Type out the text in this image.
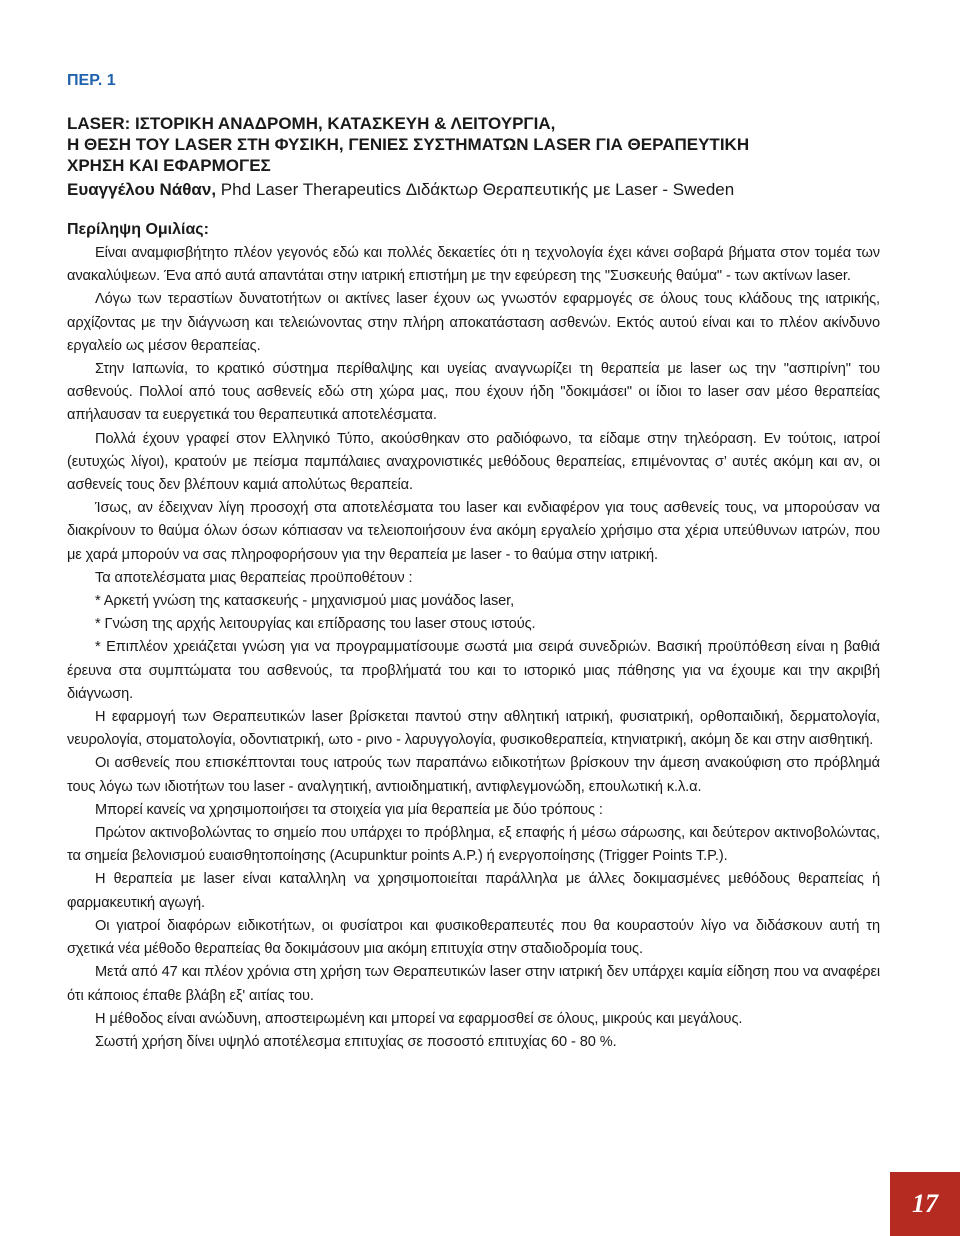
ΠΕΡ. 1
LASER: ΙΣΤΟΡΙΚΗ ΑΝΑΔΡΟΜΗ, ΚΑΤΑΣΚΕΥΗ & ΛΕΙΤΟΥΡΓΙΑ,
Η ΘΕΣΗ ΤΟΥ LASER ΣΤΗ ΦΥΣΙΚΗ, ΓΕΝΙΕΣ ΣΥΣΤΗΜΑΤΩΝ LASER ΓΙΑ ΘΕΡΑΠΕΥΤΙΚΗ
ΧΡΗΣΗ ΚΑΙ ΕΦΑΡΜΟΓΕΣ
Ευαγγέλου Νάθαν, Phd Laser Therapeutics Διδάκτωρ Θεραπευτικής με Laser - Sweden
Περίληψη Ομιλίας:

Είναι αναμφισβήτητο πλέον γεγονός εδώ και πολλές δεκαετίες ότι η τεχνολογία έχει κάνει σοβαρά βήματα στον τομέα των ανακαλύψεων. Ένα από αυτά απαντάται στην ιατρική επιστήμη με την εφεύρεση της "Συσκευής θαύμα" - των ακτίνων laser.

Λόγω των τεραστίων δυνατοτήτων οι ακτίνες laser έχουν ως γνωστόν εφαρμογές σε όλους τους κλάδους της ιατρικής, αρχίζοντας με την διάγνωση και τελειώνοντας στην πλήρη αποκατάσταση ασθενών. Εκτός αυτού είναι και το πλέον ακίνδυνο εργαλείο ως μέσον θεραπείας.

Στην Ιαπωνία, το κρατικό σύστημα περίθαλψης και υγείας αναγνωρίζει τη θεραπεία με laser ως την "ασπιρίνη" του ασθενούς. Πολλοί από τους ασθενείς εδώ στη χώρα μας, που έχουν ήδη "δοκιμάσει" οι ίδιοι το laser σαν μέσο θεραπείας απήλαυσαν τα ευεργετικά του θεραπευτικά αποτελέσματα.

Πολλά έχουν γραφεί στον Ελληνικό Τύπο, ακούσθηκαν στο ραδιόφωνο, τα είδαμε στην τηλεόραση. Εν τούτοις, ιατροί (ευτυχώς λίγοι), κρατούν με πείσμα παμπάλαιες αναχρονιστικές μεθόδους θεραπείας, επιμένοντας σ’ αυτές ακόμη και αν, οι ασθενείς τους δεν βλέπουν καμιά απολύτως θεραπεία.

Ίσως, αν έδειχναν λίγη προσοχή στα αποτελέσματα του laser και ενδιαφέρον για τους ασθενείς τους, να μπορούσαν να διακρίνουν το θαύμα όλων όσων κόπιασαν να τελειοποιήσουν ένα ακόμη εργαλείο χρήσιμο στα χέρια υπεύθυνων ιατρών, που με χαρά μπορούν να σας πληροφορήσουν για την θεραπεία με laser - το θαύμα στην ιατρική.

Τα αποτελέσματα μιας θεραπείας προϋποθέτουν :

* Αρκετή γνώση της κατασκευής - μηχανισμού μιας μονάδος laser,

* Γνώση της αρχής λειτουργίας και επίδρασης του laser στους ιστούς.

* Επιπλέον χρειάζεται γνώση για να προγραμματίσουμε σωστά μια σειρά συνεδριών. Βασική προϋπόθεση είναι η βαθιά έρευνα στα συμπτώματα του ασθενούς, τα προβλήματά του και το ιστορικό μιας πάθησης για να έχουμε και την ακριβή διάγνωση.

Η εφαρμογή των Θεραπευτικών laser βρίσκεται παντού στην αθλητική ιατρική, φυσιατρική, ορθοπαιδική, δερματολογία, νευρολογία, στοματολογία, οδοντιατρική, ωτο - ρινο - λαρυγγολογία, φυσικοθεραπεία, κτηνιατρική, ακόμη δε και στην αισθητική.

Οι ασθενείς που επισκέπτονται τους ιατρούς των παραπάνω ειδικοτήτων βρίσκουν την άμεση ανακούφιση στο πρόβλημά τους λόγω των ιδιοτήτων του laser - αναλγητική, αντιοιδηματική, αντιφλεγμονώδη, επουλωτική κ.λ.α.

Μπορεί κανείς να χρησιμοποιήσει τα στοιχεία για μία θεραπεία με δύο τρόπους :

Πρώτον ακτινοβολώντας το σημείο που υπάρχει το πρόβλημα, εξ επαφής ή μέσω σάρωσης, και δεύτερον ακτινοβολώντας, τα σημεία βελονισμού ευαισθητοποίησης (Acupunktur points A.P.) ή ενεργοποίησης (Trigger Points T.P.).

Η θεραπεία με laser είναι καταλληλη να χρησιμοποιείται παράλληλα με άλλες δοκιμασμένες μεθόδους θεραπείας ή φαρμακευτική αγωγή.

Οι γιατροί διαφόρων ειδικοτήτων, οι φυσίατροι και φυσικοθεραπευτές που θα κουραστούν λίγο να διδάσκουν αυτή τη σχετικά νέα μέθοδο θεραπείας θα δοκιμάσουν μια ακόμη επιτυχία στην σταδιοδρομία τους.

Μετά από 47 και πλέον χρόνια στη χρήση των Θεραπευτικών laser στην ιατρική δεν υπάρχει καμία είδηση που να αναφέρει ότι κάποιος έπαθε βλάβη εξ' αιτίας του.

Η μέθοδος είναι ανώδυνη, αποστειρωμένη και μπορεί να εφαρμοσθεί σε όλους, μικρούς και μεγάλους.

Σωστή χρήση δίνει υψηλό αποτέλεσμα επιτυχίας σε ποσοστό επιτυχίας 60 - 80 %.

17
